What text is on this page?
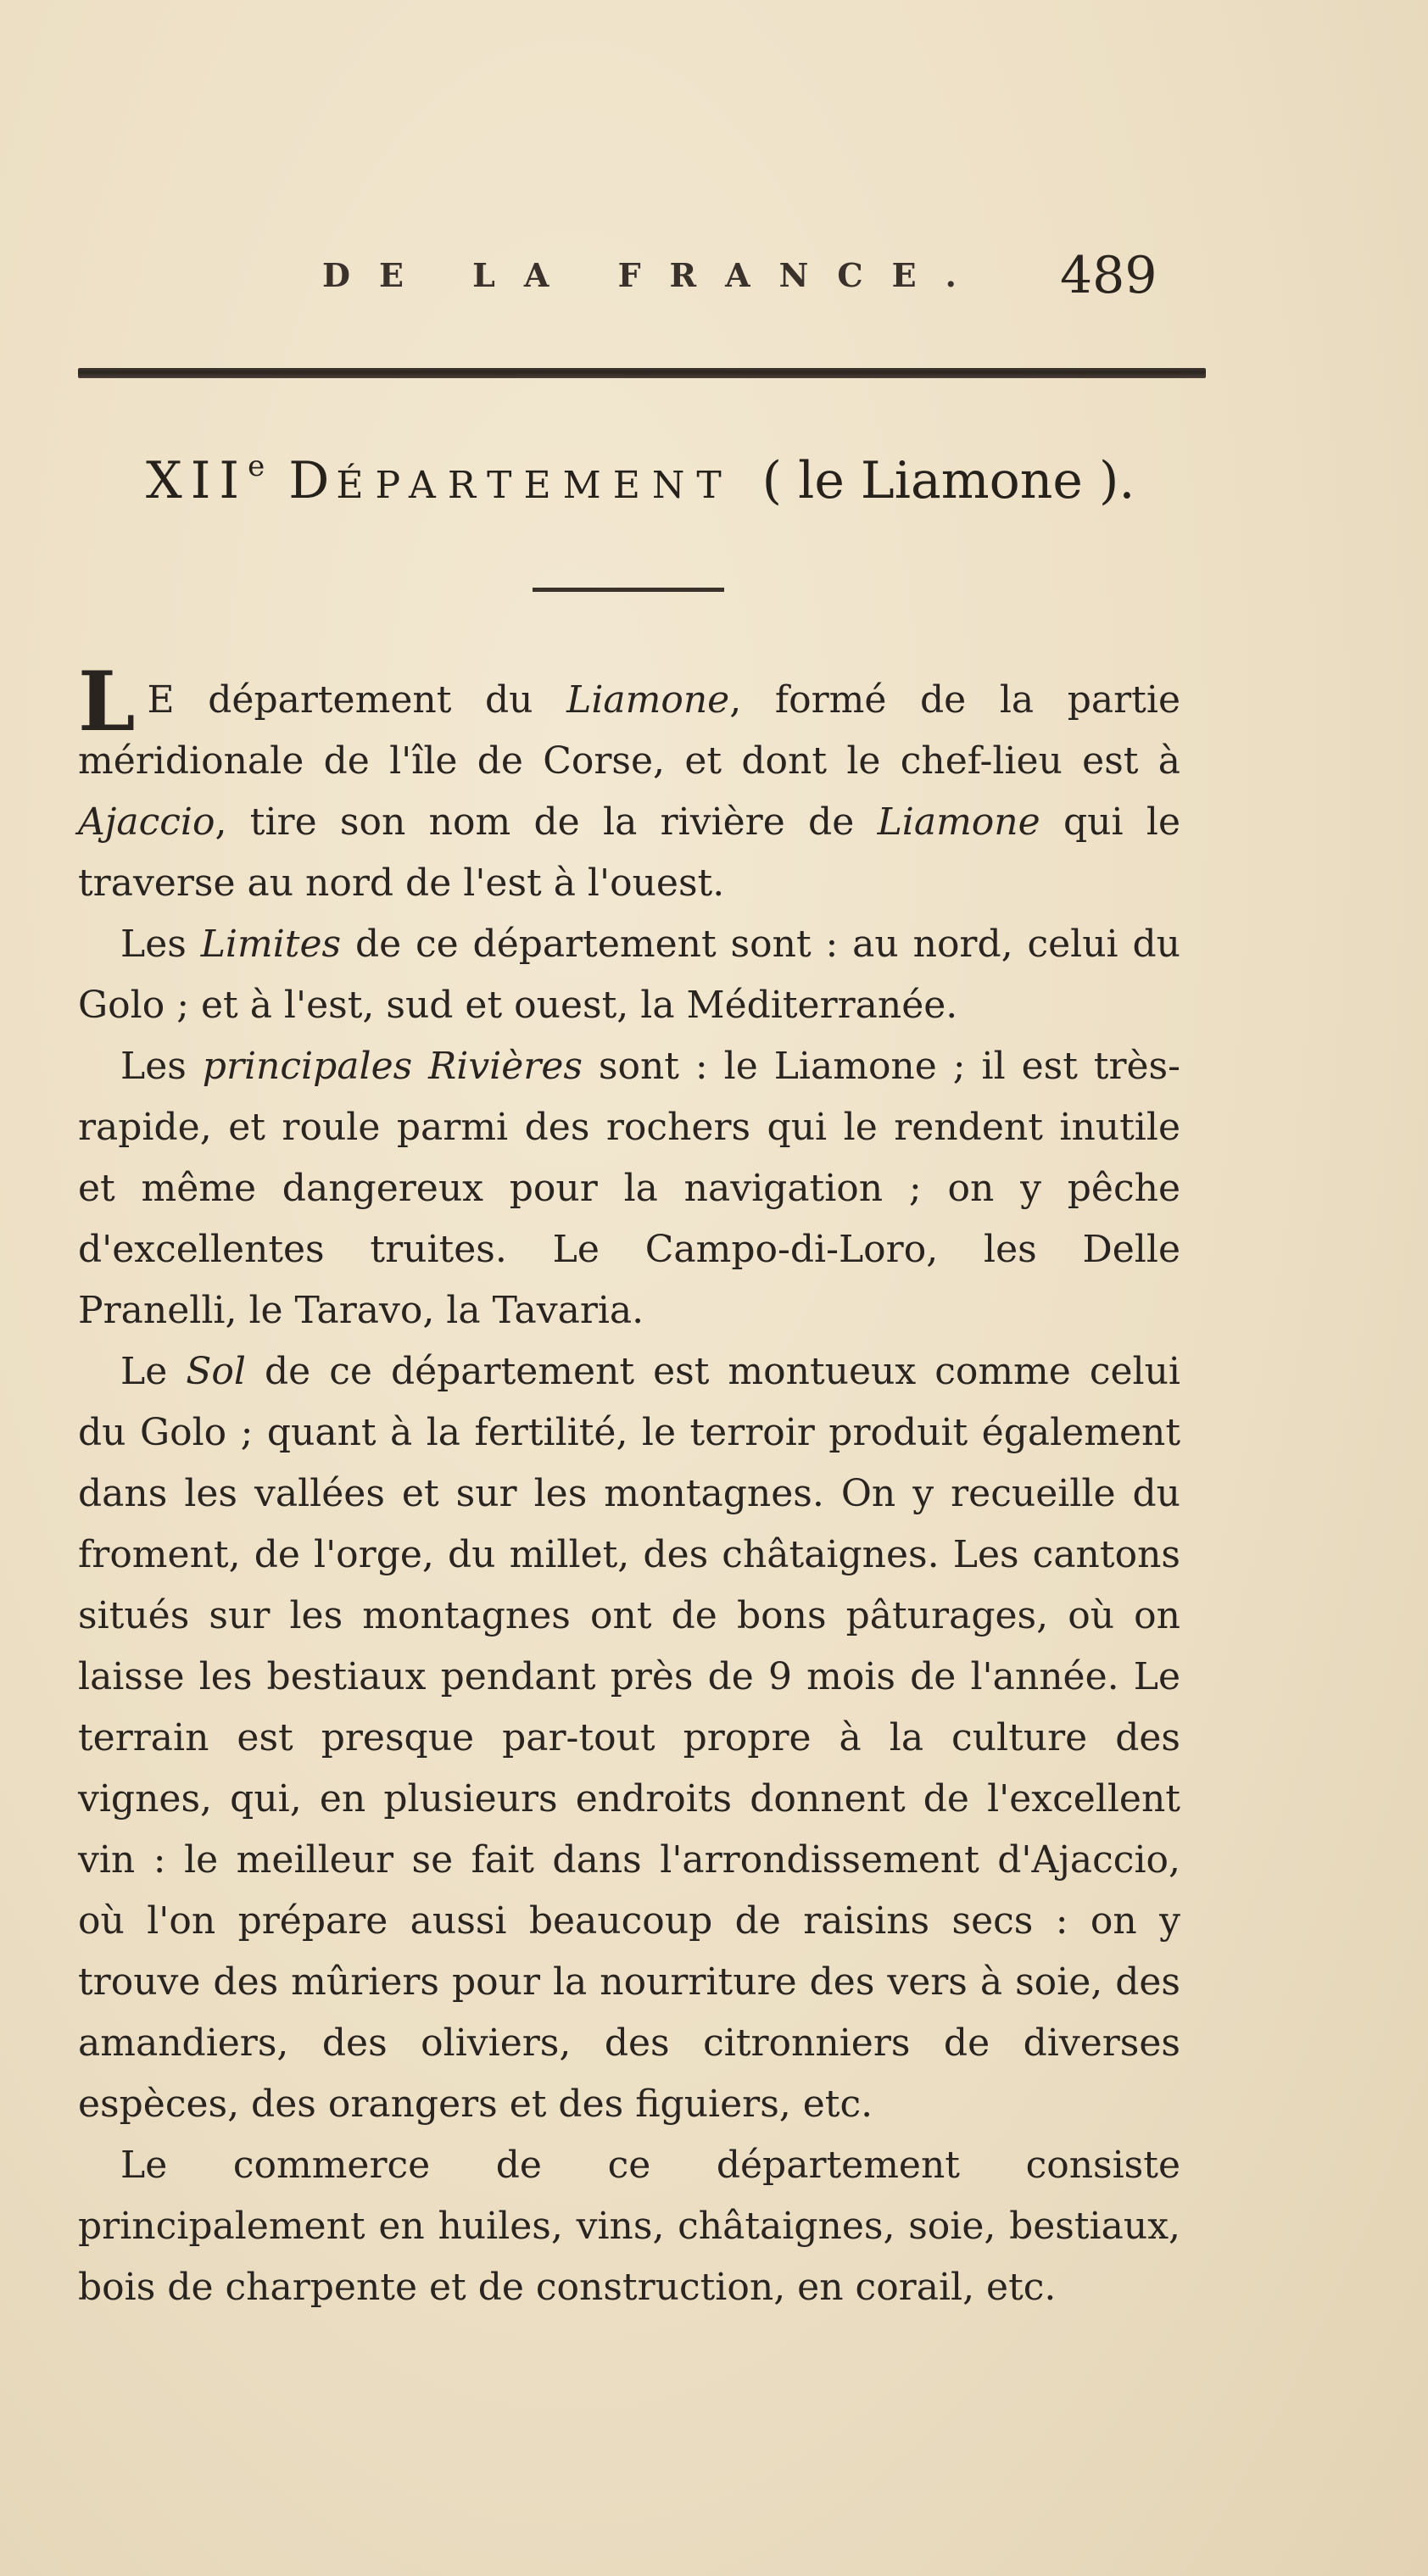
DE LA FRANCE. 489
XIIe DÉPARTEMENT ( le Liamone ).

L E département du Liamone, formé de la partie méridionale de l'île de Corse, et dont le chef-lieu est à Ajaccio, tire son nom de la rivière de Liamone qui le traverse au nord de l'est à l'ouest.

Les Limites de ce département sont : au nord, celui du Golo ; et à l'est, sud et ouest, la Méditerranée.

Les principales Rivières sont : le Liamone ; il est très-rapide, et roule parmi des rochers qui le rendent inutile et même dangereux pour la navigation ; on y pêche d'excellentes truites. Le Campo-di-Loro, les Delle Pranelli, le Taravo, la Tavaria.

Le Sol de ce département est montueux comme celui du Golo ; quant à la fertilité, le terroir produit également dans les vallées et sur les montagnes. On y recueille du froment, de l'orge, du millet, des châtaignes. Les cantons situés sur les montagnes ont de bons pâturages, où on laisse les bestiaux pendant près de 9 mois de l'année. Le terrain est presque par-tout propre à la culture des vignes, qui, en plusieurs endroits donnent de l'excellent vin : le meilleur se fait dans l'arrondissement d'Ajaccio, où l'on prépare aussi beaucoup de raisins secs : on y trouve des mûriers pour la nourriture des vers à soie, des amandiers, des oliviers, des citronniers de diverses espèces, des orangers et des figuiers, etc.

Le commerce de ce département consiste principalement en huiles, vins, châtaignes, soie, bestiaux, bois de charpente et de construction, en corail, etc.
